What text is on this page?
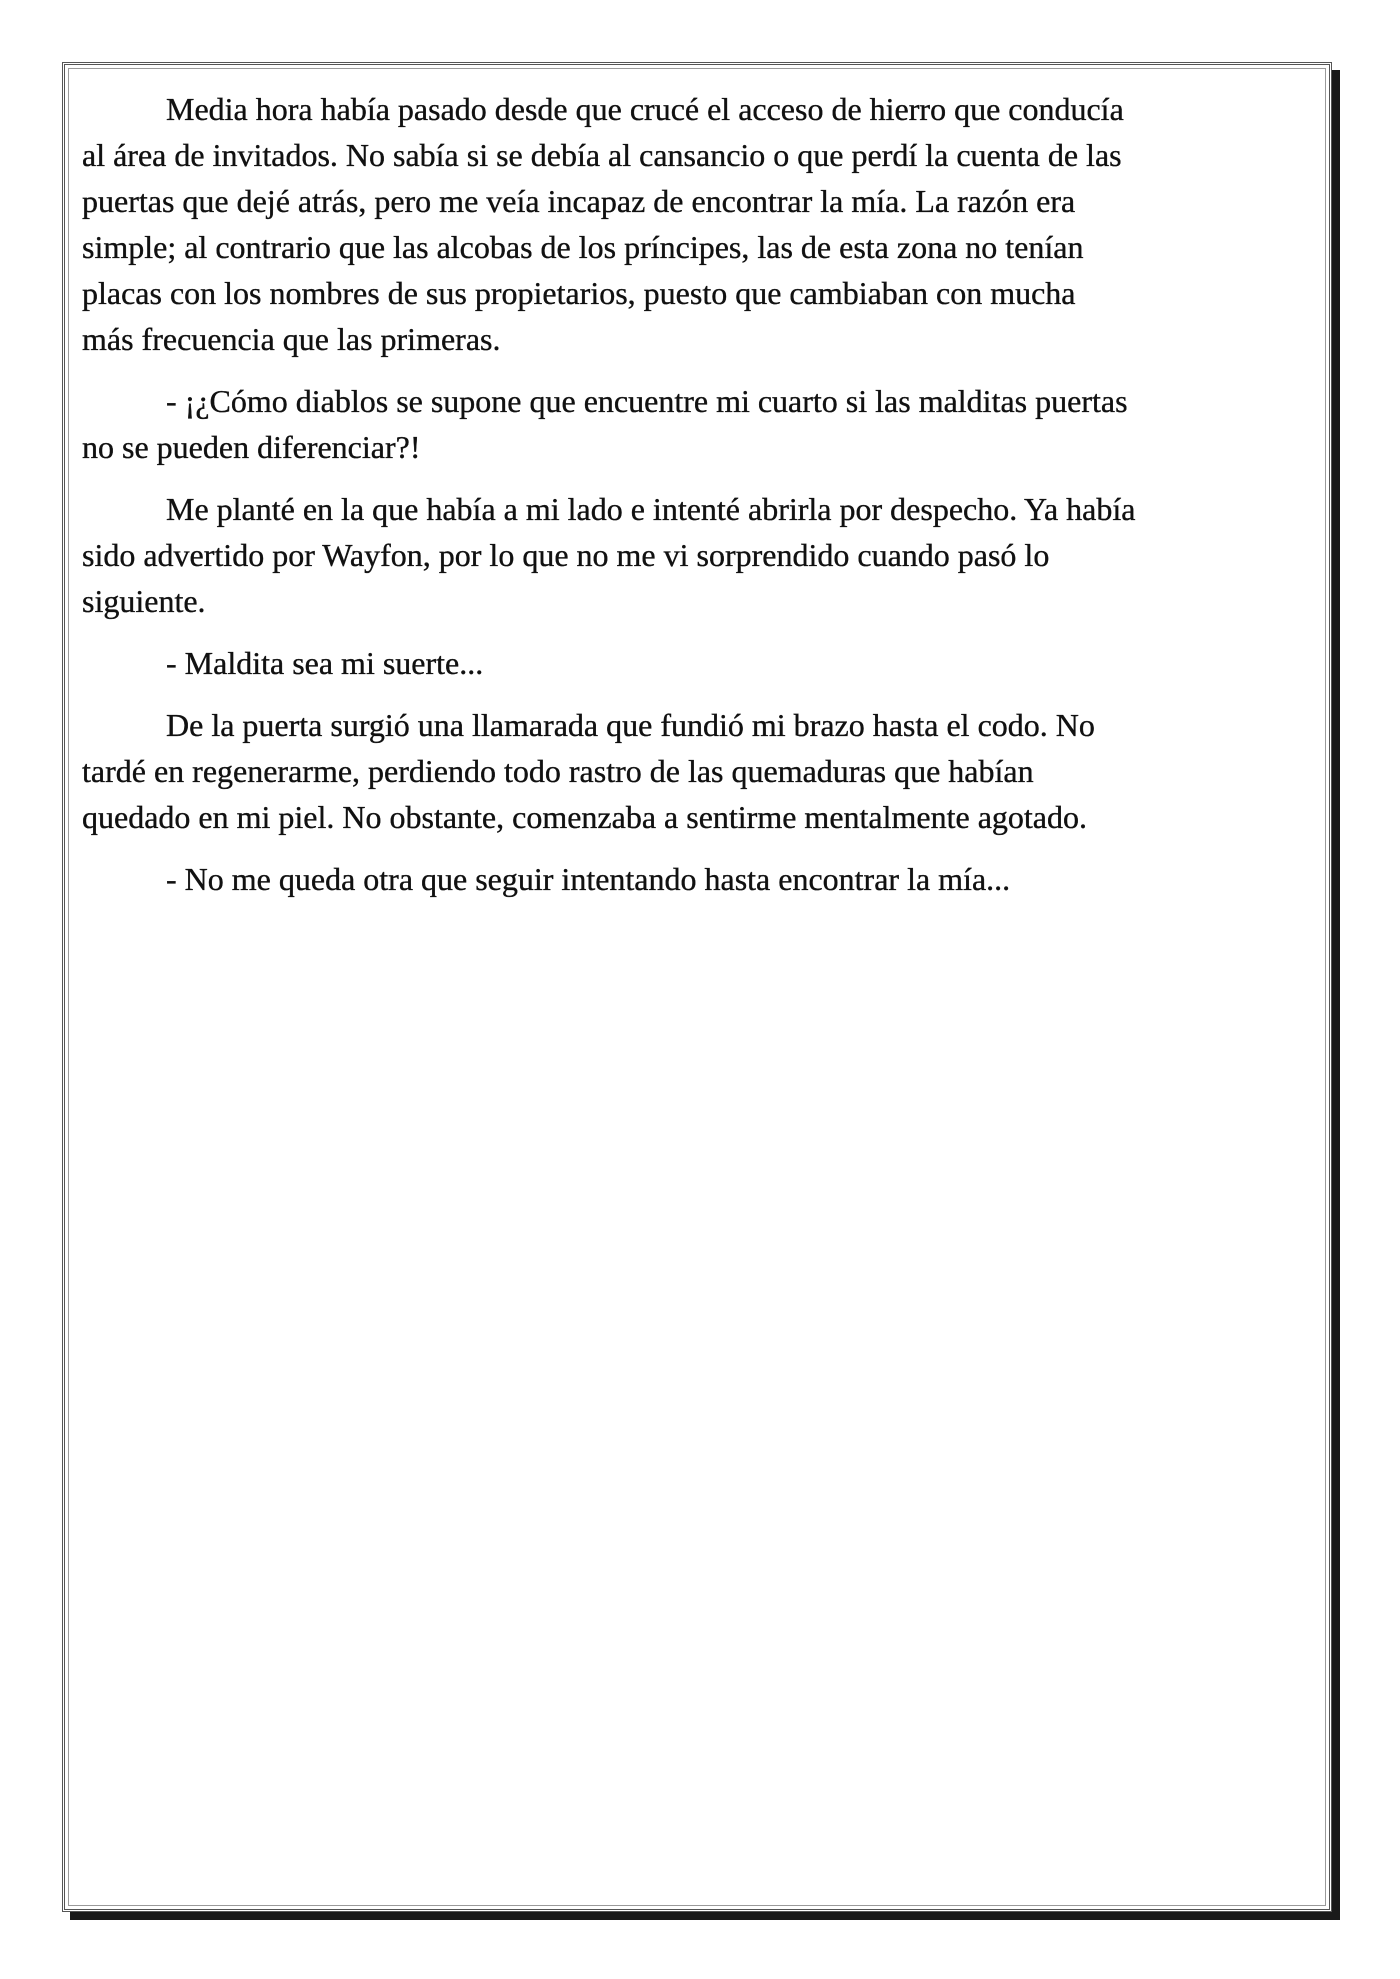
Media hora había pasado desde que crucé el acceso de hierro que conducía
al área de invitados. No sabía si se debía al cansancio o que perdí la cuenta de las
puertas que dejé atrás, pero me veía incapaz de encontrar la mía. La razón era
simple; al contrario que las alcobas de los príncipes, las de esta zona no tenían
placas con los nombres de sus propietarios, puesto que cambiaban con mucha
más frecuencia que las primeras.

- ¡¿Cómo diablos se supone que encuentre mi cuarto si las malditas puertas
no se pueden diferenciar?!

Me planté en la que había a mi lado e intenté abrirla por despecho. Ya había
sido advertido por Wayfon, por lo que no me vi sorprendido cuando pasó lo
siguiente.

- Maldita sea mi suerte...

De la puerta surgió una llamarada que fundió mi brazo hasta el codo. No
tardé en regenerarme, perdiendo todo rastro de las quemaduras que habían
quedado en mi piel. No obstante, comenzaba a sentirme mentalmente agotado.

- No me queda otra que seguir intentando hasta encontrar la mía...
